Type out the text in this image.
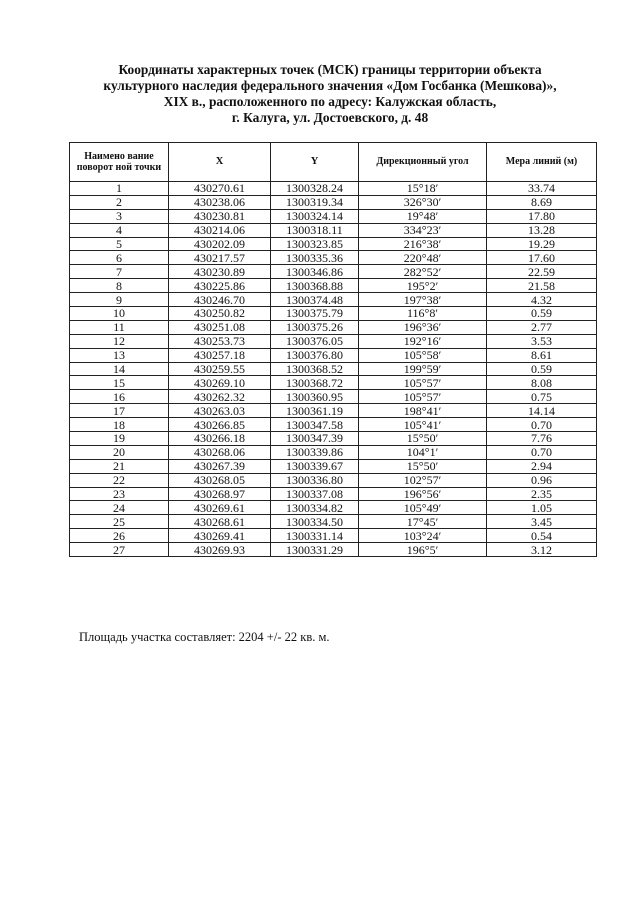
Координаты характерных точек (МСК) границы территории объекта
культурного наследия федерального значения «Дом Госбанка (Мешкова)»,
XIX в., расположенного по адресу: Калужская область,
г. Калуга, ул. Достоевского, д. 48
Наимено вание поворот ной точки	X	Y	Дирекционный угол	Мера линий (м)
1	430270.61	1300328.24	15°18′	33.74
2	430238.06	1300319.34	326°30′	8.69
3	430230.81	1300324.14	19°48′	17.80
4	430214.06	1300318.11	334°23′	13.28
5	430202.09	1300323.85	216°38′	19.29
6	430217.57	1300335.36	220°48′	17.60
7	430230.89	1300346.86	282°52′	22.59
8	430225.86	1300368.88	195°2′	21.58
9	430246.70	1300374.48	197°38′	4.32
10	430250.82	1300375.79	116°8′	0.59
11	430251.08	1300375.26	196°36′	2.77
12	430253.73	1300376.05	192°16′	3.53
13	430257.18	1300376.80	105°58′	8.61
14	430259.55	1300368.52	199°59′	0.59
15	430269.10	1300368.72	105°57′	8.08
16	430262.32	1300360.95	105°57′	0.75
17	430263.03	1300361.19	198°41′	14.14
18	430266.85	1300347.58	105°41′	0.70
19	430266.18	1300347.39	15°50′	7.76
20	430268.06	1300339.86	104°1′	0.70
21	430267.39	1300339.67	15°50′	2.94
22	430268.05	1300336.80	102°57′	0.96
23	430268.97	1300337.08	196°56′	2.35
24	430269.61	1300334.82	105°49′	1.05
25	430268.61	1300334.50	17°45′	3.45
26	430269.41	1300331.14	103°24′	0.54
27	430269.93	1300331.29	196°5′	3.12
Площадь участка составляет: 2204 +/- 22 кв. м.
